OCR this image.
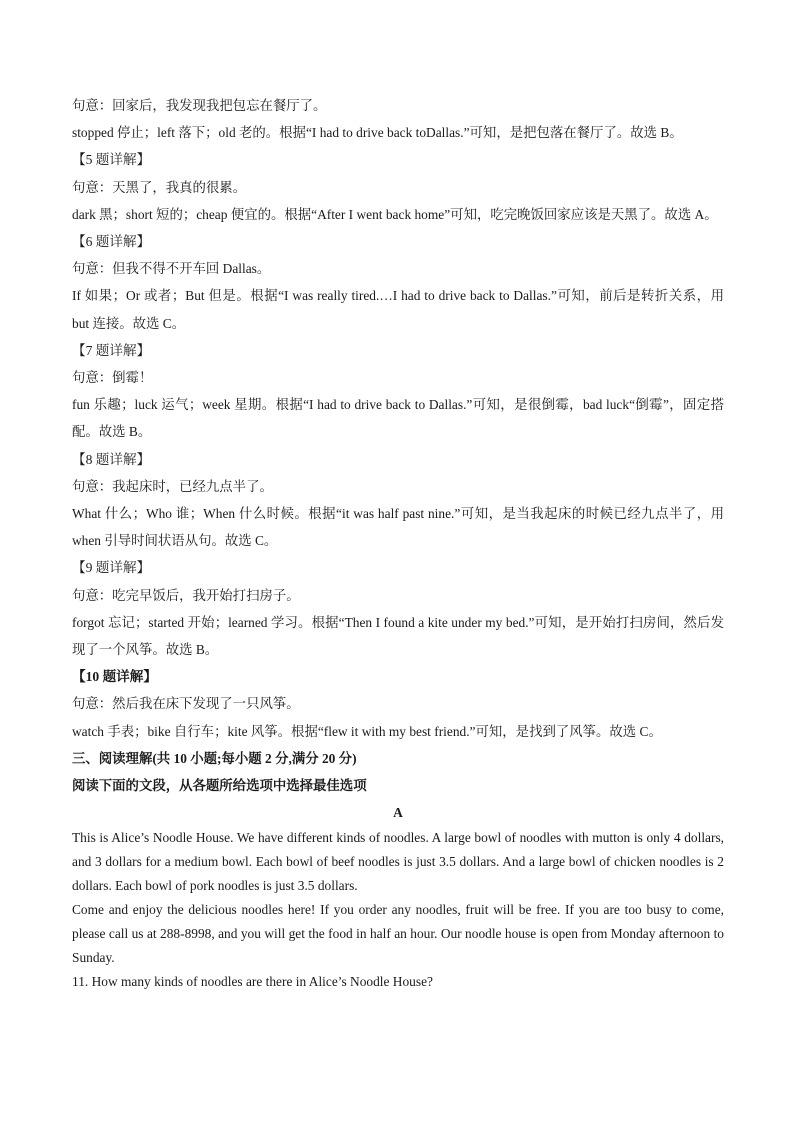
句意：回家后，我发现我把包忘在餐厅了。
stopped 停止；left 落下；old 老的。根据“I had to drive back toDallas.”可知，是把包落在餐厅了。故选 B。
【5 题详解】
句意：天黑了，我真的很累。
dark 黑；short 短的；cheap 便宜的。根据“After I went back home”可知，吃完晚饭回家应该是天黑了。故选 A。
【6 题详解】
句意：但我不得不开车回 Dallas。
If 如果；Or 或者；But 但是。根据“I was really tired.…I had to drive back to Dallas.”可知，前后是转折关系，用 but 连接。故选 C。
【7 题详解】
句意：倒霉！
fun 乐趣；luck 运气；week 星期。根据“I had to drive back to Dallas.”可知，是很倒霉，bad luck“倒霉”，固定搭配。故选 B。
【8 题详解】
句意：我起床时，已经九点半了。
What 什么；Who 谁；When 什么时候。根据“it was half past nine.”可知，是当我起床的时候已经九点半了，用 when 引导时间状语从句。故选 C。
【9 题详解】
句意：吃完早饭后，我开始打扫房子。
forgot 忘记；started 开始；learned 学习。根据“Then I found a kite under my bed.”可知，是开始打扫房间，然后发现了一个风筝。故选 B。
【10 题详解】
句意：然后我在床下发现了一只风筝。
watch 手表；bike 自行车；kite 风筝。根据“flew it with my best friend.”可知，是找到了风筝。故选 C。
三、阅读理解(共 10 小题;每小题 2 分,满分 20 分)
阅读下面的文段，从各题所给选项中选择最佳选项
A

This is Alice’s Noodle House. We have different kinds of noodles. A large bowl of noodles with mutton is only 4 dollars, and 3 dollars for a medium bowl. Each bowl of beef noodles is just 3.5 dollars. And a large bowl of chicken noodles is 2 dollars. Each bowl of pork noodles is just 3.5 dollars.

Come and enjoy the delicious noodles here! If you order any noodles, fruit will be free. If you are too busy to come, please call us at 288-8998, and you will get the food in half an hour. Our noodle house is open from Monday afternoon to Sunday.

11. How many kinds of noodles are there in Alice’s Noodle House?
